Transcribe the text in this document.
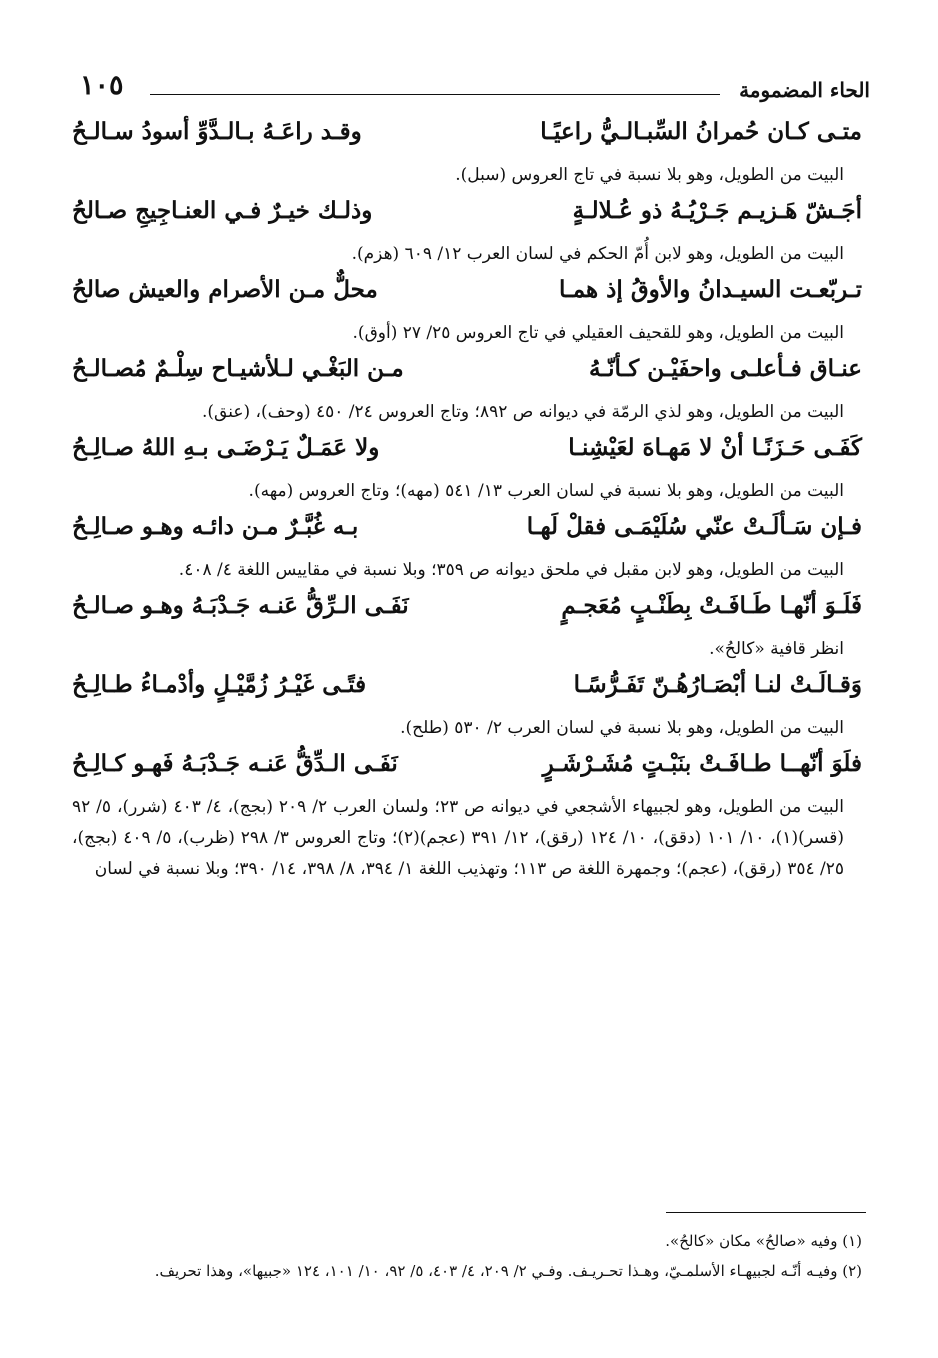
الحاء المضمومة
١٠٥
متـى كـان حُمرانُ السِّبـالـيُّ راعيًـا
وقـد راعَـهُ بـالـدَّوِّ أسودُ سـالـحُ

البيت من الطويل، وهو بلا نسبة في تاج العروس (سبل).

أجَـشّ هَـزيـم جَـرْيُـهُ ذو عُـلالـةٍ
وذلـك خيـرٌ فـي العنـاجِيجِ صـالحُ

البيت من الطويل، وهو لابن أُمّ الحكم في لسان العرب ١٢/ ٦٠٩ (هزم).

تـربّعـت السيـدانُ والأوقُ إذ همـا
محلٌّ مـن الأصرام والعيش صالحُ

البيت من الطويل، وهو للقحيف العقيلي في تاج العروس ٢٥/ ٢٧ (أوق).

عنـاق فـأعلـى واحفَيْـن كـأنّـهُ
مـن البَغْـي لـلأشيـاح سِلْـمٌ مُصـالـحُ

البيت من الطويل، وهو لذي الرمّة في ديوانه ص ٨٩٢؛ وتاج العروس ٢٤/ ٤٥٠ (وحف)، (عنق).

كَفَـى حَـزَنًـا أنْ لا مَهـاهَ لعَيْشِنـا
ولا عَمَـلٌ يَـرْضَـى بـهِ اللهُ صـالِـحُ

البيت من الطويل، وهو بلا نسبة في لسان العرب ١٣/ ٥٤١ (مهه)؛ وتاج العروس (مهه).

فـإن سَـألَـتْ عنّي سُلَيْمَـى فقلْ لَهـا
بـه غُبَّـرٌ مـن دائـه وهـو صـالِـحُ

البيت من الطويل، وهو لابن مقبل في ملحق ديوانه ص ٣٥٩؛ وبلا نسبة في مقاييس اللغة ٤/ ٤٠٨.

فَلَـوَ أنّهـا طَـافَـتْ بِطَنْـبٍ مُعَجـمٍ
نَفَـى الـرِّقُّ عَنـه جَـدْبَـهُ وهـو صـالـحُ

انظر قافية «كالحُ».

وَقـالَـتْ لنـا أبْصَـارُهُـنّ تَفَـرُّسًـا
فتًـى غَيْـرُ زُمَّيْـلٍ وأدْمـاءُ طـالِـحُ

البيت من الطويل، وهو بلا نسبة في لسان العرب ٢/ ٥٣٠ (طلح).

فلَوَ أنّهــا طـافَـتْ بنَبْـتٍ مُشَـرْشَـرٍ
نَفَـى الـدِّقُّ عَنـه جَـدْبَـهُ فَهـو كـالِـحُ

البيت من الطويل، وهو لجبيهاء الأشجعي في ديوانه ص ٢٣؛ ولسان العرب ٢/ ٢٠٩ (بجج)، ٤/ ٤٠٣ (شرر)، ٥/ ٩٢ (قسر)(١)، ١٠/ ١٠١ (دقق)، ١٠/ ١٢٤ (رقق)، ١٢/ ٣٩١ (عجم)(٢)؛ وتاج العروس ٣/ ٢٩٨ (ظرب)، ٥/ ٤٠٩ (بجج)، ٢٥/ ٣٥٤ (رقق)، (عجم)؛ وجمهرة اللغة ص ١١٣؛ وتهذيب اللغة ١/ ٣٩٤، ٨/ ٣٩٨، ١٤/ ٣٩٠؛ وبلا نسبة في لسان

(١) وفيه «صالحُ» مكان «كالحُ».

(٢) وفيـه أنّـه لجبيهـاء الأسلمـيّ، وهـذا تحـريـف. وفـي ٢/ ٢٠٩، ٤/ ٤٠٣، ٥/ ٩٢، ١٠/ ١٠١، ١٢٤ «جبيها»، وهذا تحريف.
